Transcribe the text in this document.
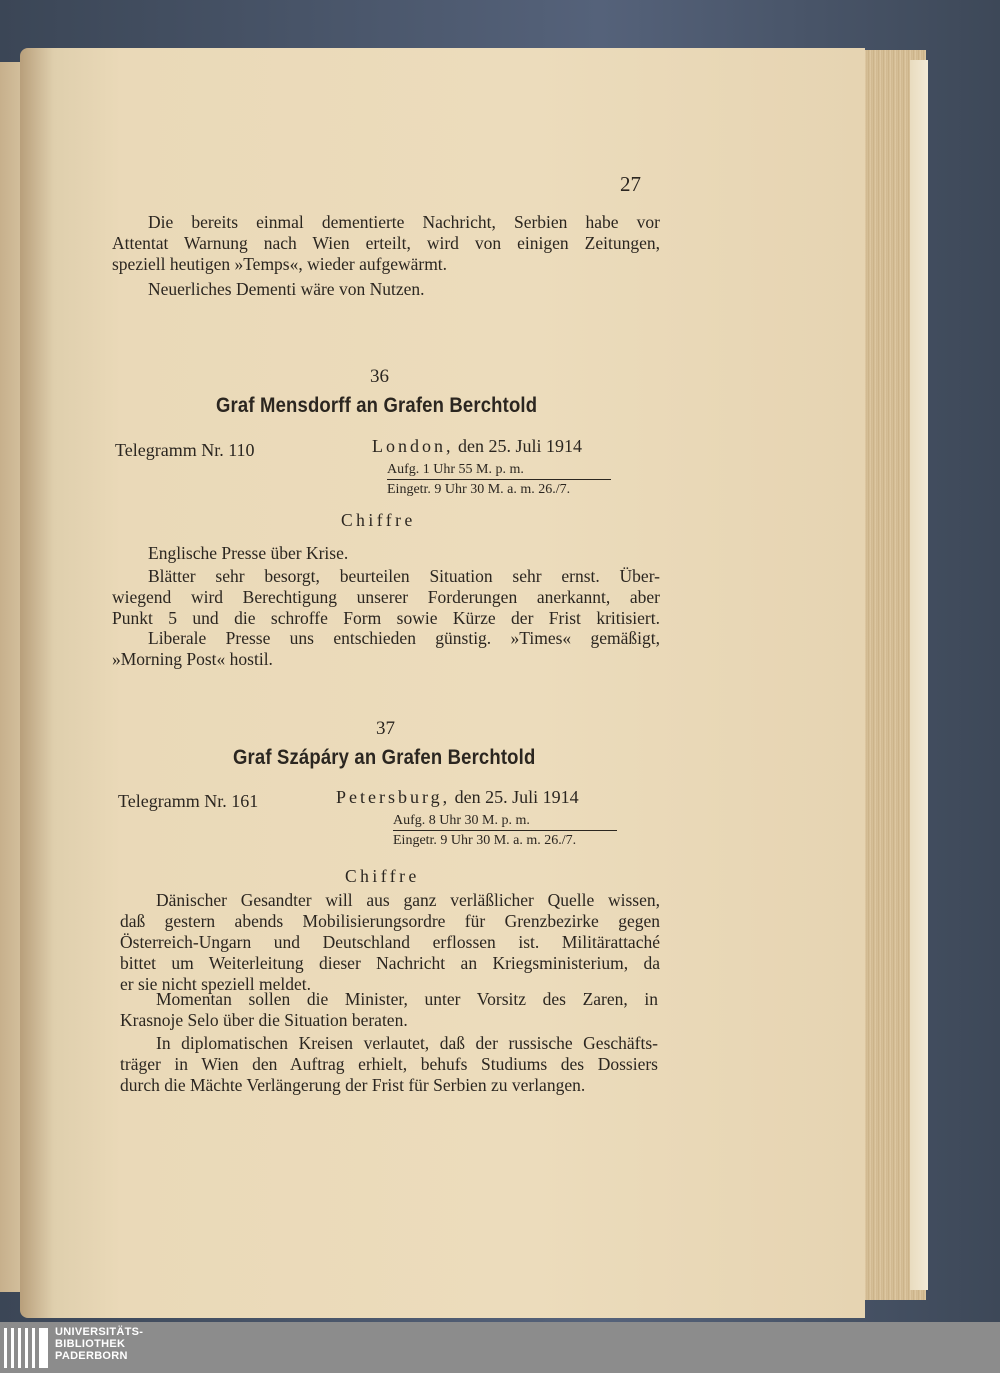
27
Die bereits einmal dementierte Nachricht, Serbien habe vor
Attentat Warnung nach Wien erteilt, wird von einigen Zeitungen,
speziell heutigen »Temps«, wieder aufgewärmt.
Neuerliches Dementi wäre von Nutzen.
36
Graf Mensdorff an Grafen Berchtold
Telegramm Nr. 110	London, den 25. Juli 1914
Aufg. 1 Uhr 55 M. p. m.
Eingetr. 9 Uhr 30 M. a. m. 26./7.
Chiffre
Englische Presse über Krise.
Blätter sehr besorgt, beurteilen Situation sehr ernst. Über-
wiegend wird Berechtigung unserer Forderungen anerkannt, aber
Punkt 5 und die schroffe Form sowie Kürze der Frist kritisiert.
Liberale Presse uns entschieden günstig. »Times« gemäßigt,
»Morning Post« hostil.
37
Graf Szápáry an Grafen Berchtold
Telegramm Nr. 161	Petersburg, den 25. Juli 1914
Aufg. 8 Uhr 30 M. p. m.
Eingetr. 9 Uhr 30 M. a. m. 26./7.
Chiffre
Dänischer Gesandter will aus ganz verläßlicher Quelle wissen,
daß gestern abends Mobilisierungsordre für Grenzbezirke gegen
Österreich-Ungarn und Deutschland erflossen ist. Militärattaché
bittet um Weiterleitung dieser Nachricht an Kriegsministerium, da
er sie nicht speziell meldet.
Momentan sollen die Minister, unter Vorsitz des Zaren, in
Krasnoje Selo über die Situation beraten.
In diplomatischen Kreisen verlautet, daß der russische Geschäfts-
träger in Wien den Auftrag erhielt, behufs Studiums des Dossiers
durch die Mächte Verlängerung der Frist für Serbien zu verlangen.
UNIVERSITÄTS-
BIBLIOTHEK
PADERBORN
